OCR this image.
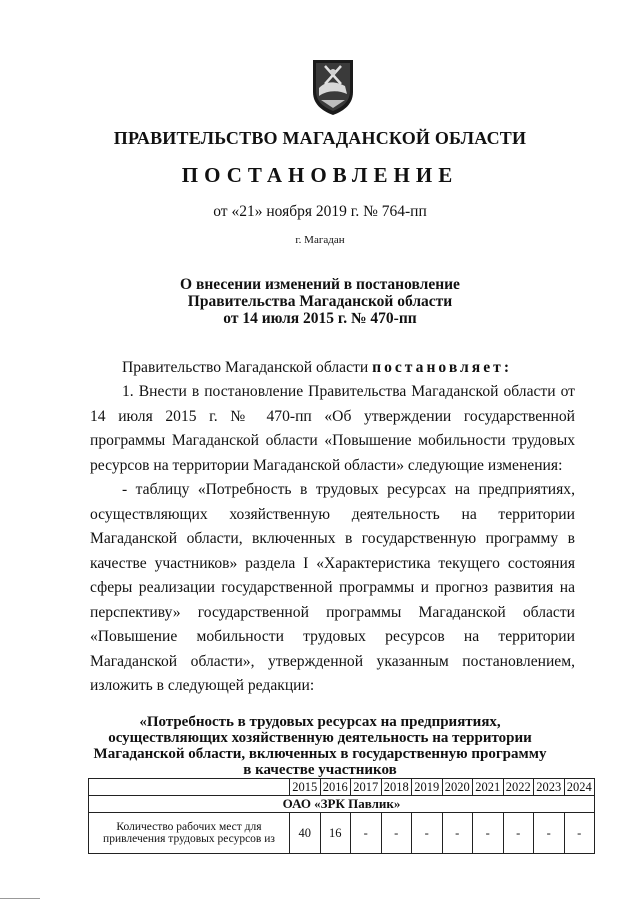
ПРАВИТЕЛЬСТВО МАГАДАНСКОЙ ОБЛАСТИ
ПОСТАНОВЛЕНИЕ
от «21» ноября 2019 г. № 764-пп
г. Магадан
О внесении изменений в постановление
Правительства Магаданской области
от 14 июля 2015 г. № 470-пп
Правительство Магаданской области постановляет:
1. Внести в постановление Правительства Магаданской области от 14 июля 2015 г. № 470-пп «Об утверждении государственной программы Магаданской области «Повышение мобильности трудовых ресурсов на территории Магаданской области» следующие изменения:
- таблицу «Потребность в трудовых ресурсах на предприятиях, осуществляющих хозяйственную деятельность на территории Магаданской области, включенных в государственную программу в качестве участников» раздела I «Характеристика текущего состояния сферы реализации государственной программы и прогноз развития на перспективу» государственной программы Магаданской области «Повышение мобильности трудовых ресурсов на территории Магаданской области», утвержденной указанным постановлением, изложить в следующей редакции:
«Потребность в трудовых ресурсах на предприятиях,
осуществляющих хозяйственную деятельность на территории
Магаданской области, включенных в государственную программу
в качестве участников
	2015	2016	2017	2018	2019	2020	2021	2022	2023	2024
ОАО «ЗРК Павлик»										
Количество рабочих мест для привлечения трудовых ресурсов из	40	16	-	-	-	-	-	-	-	-
